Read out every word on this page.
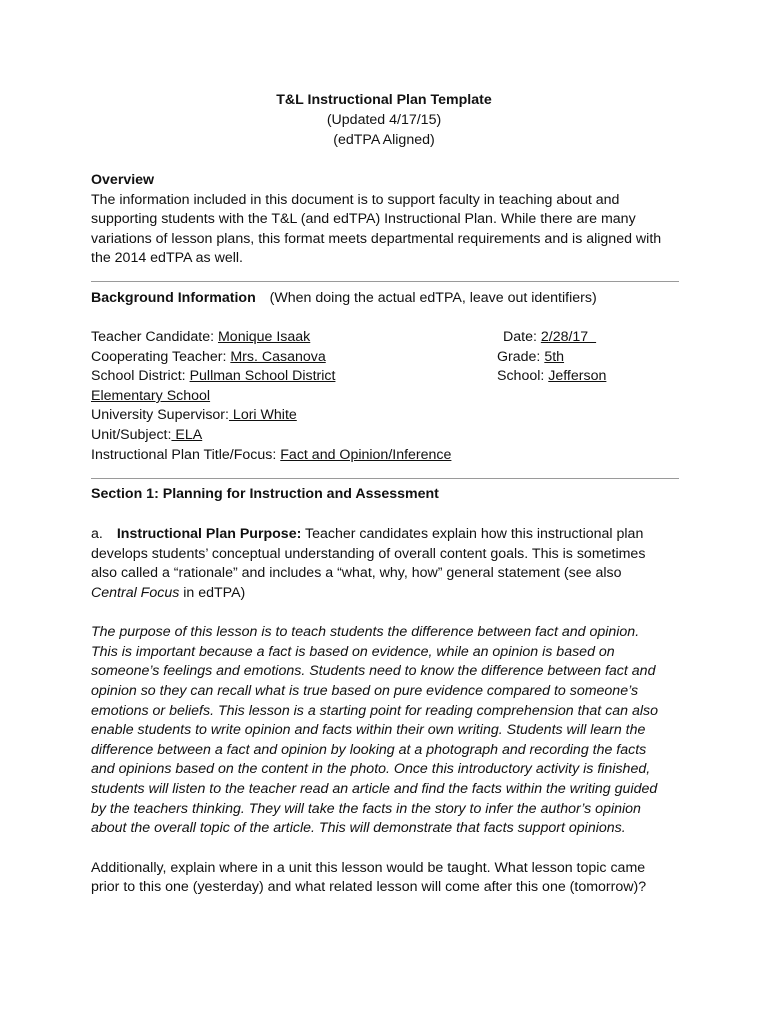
T&L Instructional Plan Template
(Updated 4/17/15)
(edTPA Aligned)
Overview
The information included in this document is to support faculty in teaching about and
supporting students with the T&L (and edTPA) Instructional Plan. While there are many
variations of lesson plans, this format meets departmental requirements and is aligned with
the 2014 edTPA as well.
Background Information (When doing the actual edTPA, leave out identifiers)
Teacher Candidate: Monique Isaak	Date: 2/28/17
Cooperating Teacher: Mrs. Casanova	Grade: 5th
School District: Pullman School District	School: Jefferson
Elementary School
University Supervisor: Lori White
Unit/Subject: ELA
Instructional Plan Title/Focus: Fact and Opinion/Inference
Section 1: Planning for Instruction and Assessment
a. Instructional Plan Purpose: Teacher candidates explain how this instructional plan
develops students’ conceptual understanding of overall content goals. This is sometimes
also called a “rationale” and includes a “what, why, how” general statement (see also
Central Focus in edTPA)
The purpose of this lesson is to teach students the difference between fact and opinion.
This is important because a fact is based on evidence, while an opinion is based on
someone’s feelings and emotions. Students need to know the difference between fact and
opinion so they can recall what is true based on pure evidence compared to someone’s
emotions or beliefs. This lesson is a starting point for reading comprehension that can also
enable students to write opinion and facts within their own writing. Students will learn the
difference between a fact and opinion by looking at a photograph and recording the facts
and opinions based on the content in the photo. Once this introductory activity is finished,
students will listen to the teacher read an article and find the facts within the writing guided
by the teachers thinking. They will take the facts in the story to infer the author’s opinion
about the overall topic of the article. This will demonstrate that facts support opinions.
Additionally, explain where in a unit this lesson would be taught. What lesson topic came
prior to this one (yesterday) and what related lesson will come after this one (tomorrow)?
